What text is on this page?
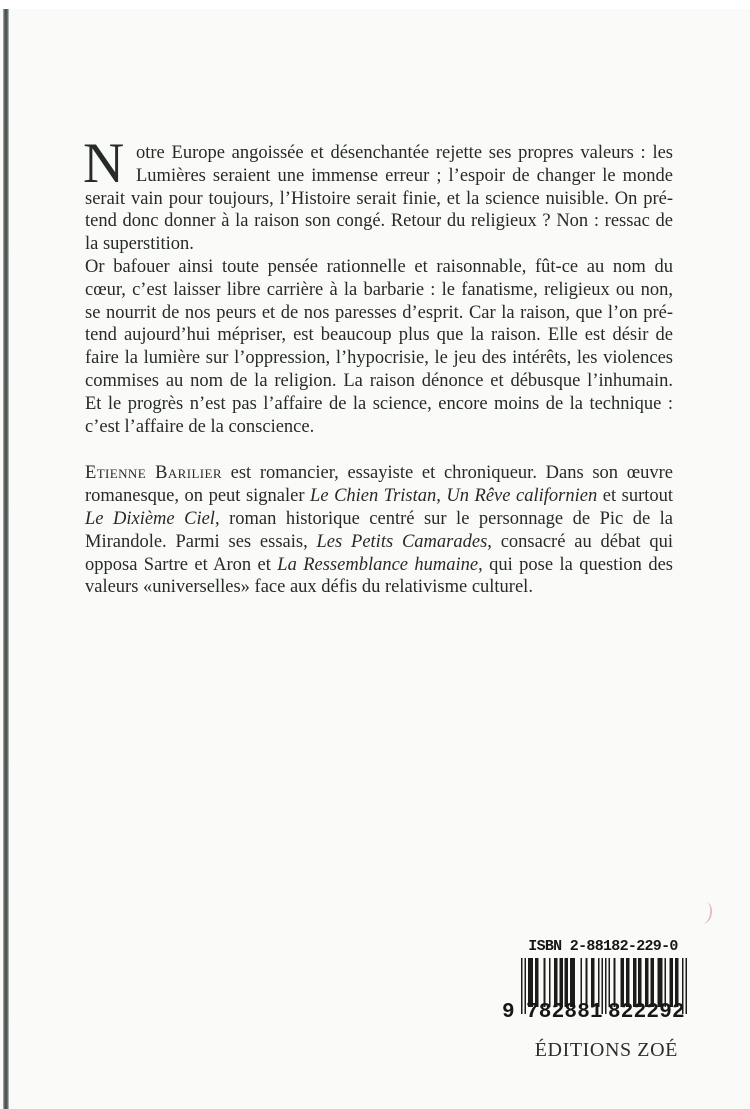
N otre Europe angoissée et désenchantée rejette ses propres valeurs : les
Lumières seraient une immense erreur ; l’espoir de changer le monde
serait vain pour toujours, l’Histoire serait finie, et la science nuisible. On pré-
tend donc donner à la raison son congé. Retour du religieux ? Non : ressac de
la superstition.
Or bafouer ainsi toute pensée rationnelle et raisonnable, fût-ce au nom du
cœur, c’est laisser libre carrière à la barbarie : le fanatisme, religieux ou non,
se nourrit de nos peurs et de nos paresses d’esprit. Car la raison, que l’on pré-
tend aujourd’hui mépriser, est beaucoup plus que la raison. Elle est désir de
faire la lumière sur l’oppression, l’hypocrisie, le jeu des intérêts, les violences
commises au nom de la religion. La raison dénonce et débusque l’inhumain.
Et le progrès n’est pas l’affaire de la science, encore moins de la technique :
c’est l’affaire de la conscience.
Etienne Barilier est romancier, essayiste et chroniqueur. Dans son œuvre
romanesque, on peut signaler Le Chien Tristan, Un Rêve californien et surtout
Le Dixième Ciel, roman historique centré sur le personnage de Pic de la
Mirandole. Parmi ses essais, Les Petits Camarades, consacré au débat qui
opposa Sartre et Aron et La Ressemblance humaine, qui pose la question des
valeurs «universelles» face aux défis du relativisme culturel.
ISBN 2-88182-229-0
9 782881 822292
ÉDITIONS ZOÉ
